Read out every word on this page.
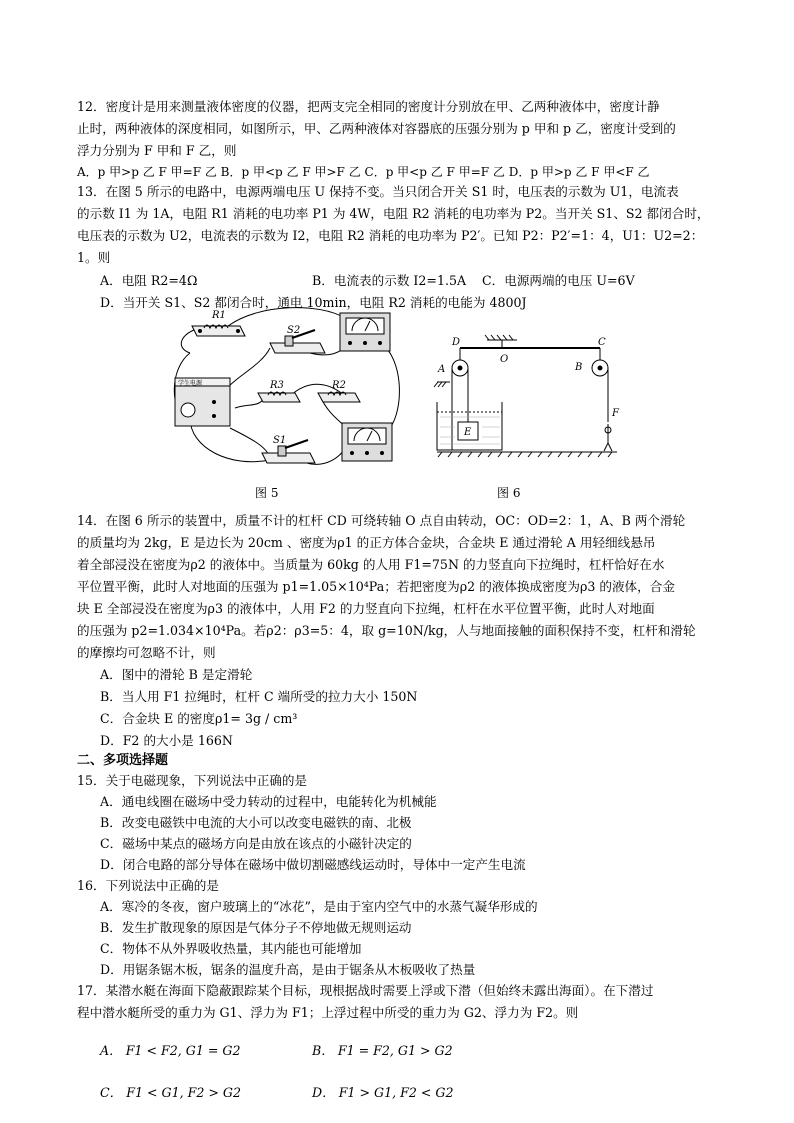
12．密度计是用来测量液体密度的仪器，把两支完全相同的密度计分别放在甲、乙两种液体中，密度计静
止时，两种液体的深度相同，如图所示，甲、乙两种液体对容器底的压强分别为 p 甲和 p 乙，密度计受到的
浮力分别为 F 甲和 F 乙，则
A．p 甲>p 乙 F 甲=F 乙 B．p 甲<p 乙 F 甲>F 乙 C．p 甲<p 乙 F 甲=F 乙 D．p 甲>p 乙 F 甲<F 乙
13．在图 5 所示的电路中，电源两端电压 U 保持不变。当只闭合开关 S1 时，电压表的示数为 U1，电流表
的示数 I1 为 1A，电阻 R1 消耗的电功率 P1 为 4W，电阻 R2 消耗的电功率为 P2。当开关 S1、S2 都闭合时，
电压表的示数为 U2，电流表的示数为 I2，电阻 R2 消耗的电功率为 P2′。已知 P2：P2′=1：4，U1：U2=2：
1。则
A．电阻 R2=4Ω	B．电流表的示数 I2=1.5A C．电源两端的电压 U=6V
D．当开关 S1、S2 都闭合时，通电 10min，电阻 R2 消耗的电能为 4800J
R1
S2
R3	R2
S1
学生电源
图 5
D
O
C
A	B
E
F
图 6
14．在图 6 所示的装置中，质量不计的杠杆 CD 可绕转轴 O 点自由转动，OC：OD=2：1，A、B 两个滑轮
的质量均为 2kg，E 是边长为 20cm 、密度为ρ1 的正方体合金块，合金块 E 通过滑轮 A 用轻细线悬吊
着全部浸没在密度为ρ2 的液体中。当质量为 60kg 的人用 F1=75N 的力竖直向下拉绳时，杠杆恰好在水
平位置平衡，此时人对地面的压强为 p1=1.05×10⁴Pa；若把密度为ρ2 的液体换成密度为ρ3 的液体，合金
块 E 全部浸没在密度为ρ3 的液体中，人用 F2 的力竖直向下拉绳，杠杆在水平位置平衡，此时人对地面
的压强为 p2=1.034×10⁴Pa。若ρ2：ρ3=5：4，取 g=10N/kg，人与地面接触的面积保持不变，杠杆和滑轮
的摩擦均可忽略不计，则
A．图中的滑轮 B 是定滑轮
B．当人用 F1 拉绳时，杠杆 C 端所受的拉力大小 150N
C．合金块 E 的密度ρ1= 3g / cm³
D．F2 的大小是 166N
二、多项选择题
15．关于电磁现象，下列说法中正确的是
A．通电线圈在磁场中受力转动的过程中，电能转化为机械能
B．改变电磁铁中电流的大小可以改变电磁铁的南、北极
C．磁场中某点的磁场方向是由放在该点的小磁针决定的
D．闭合电路的部分导体在磁场中做切割磁感线运动时，导体中一定产生电流
16．下列说法中正确的是
A．寒冷的冬夜，窗户玻璃上的“冰花”，是由于室内空气中的水蒸气凝华形成的
B．发生扩散现象的原因是气体分子不停地做无规则运动
C．物体不从外界吸收热量，其内能也可能增加
D．用锯条锯木板，锯条的温度升高，是由于锯条从木板吸收了热量
17．某潜水艇在海面下隐蔽跟踪某个目标，现根据战时需要上浮或下潜（但始终未露出海面）。在下潜过
程中潜水艇所受的重力为 G1、浮力为 F1；上浮过程中所受的重力为 G2、浮力为 F2。则
A． F1 < F2, G1 = G2	B． F1 = F2, G1 > G2
C． F1 < G1, F2 > G2	D． F1 > G1, F2 < G2
